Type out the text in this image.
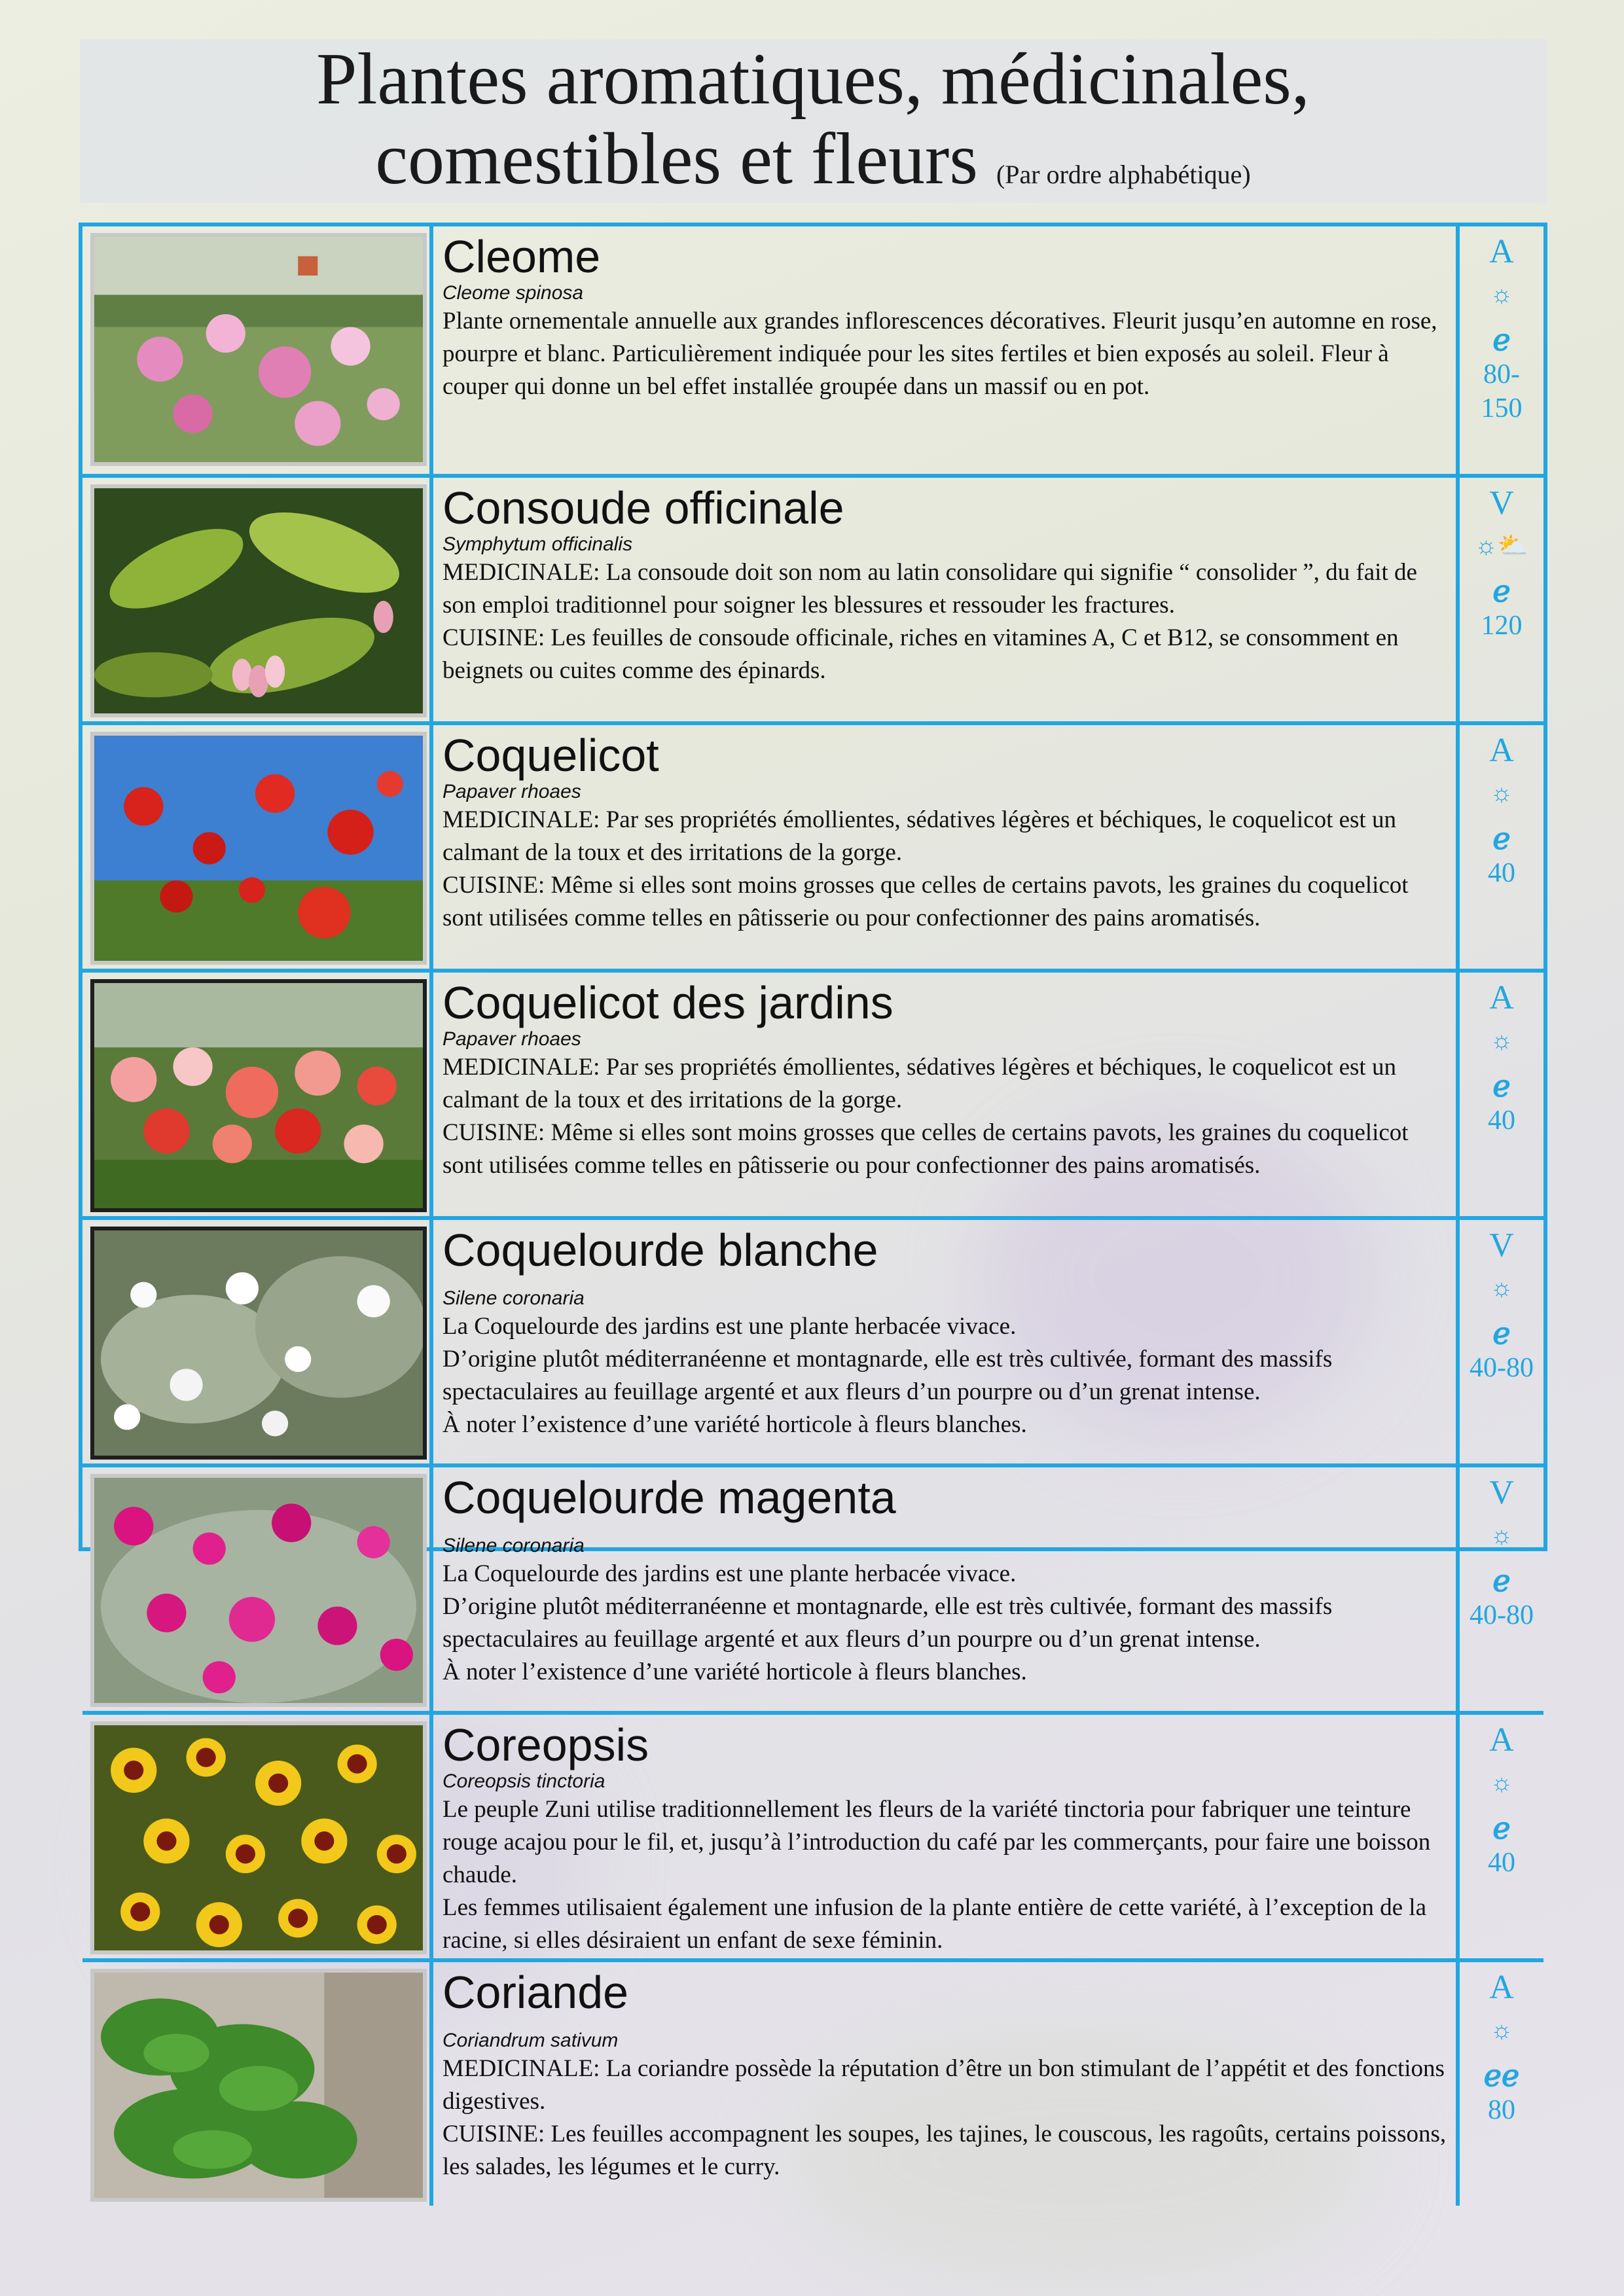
Plantes aromatiques, médicinales,
comestibles et fleurs (Par ordre alphabétique)
Cleome
Cleome spinosa

Plante ornementale annuelle aux grandes inflorescences décoratives. Fleurit jusqu’en automne en rose, pourpre et blanc. Particulièrement indiquée pour les sites fertiles et bien exposés au soleil. Fleur à couper qui donne un bel effet installée groupée dans un massif ou en pot.

A
☼
ℯ
80-
150
Consoude officinale
Symphytum officinalis

MEDICINALE: La consoude doit son nom au latin consolidare qui signifie “ consolider ”, du fait de son emploi traditionnel pour soigner les blessures et ressouder les fractures.

CUISINE: Les feuilles de consoude officinale, riches en vitamines A, C et B12, se consomment en beignets ou cuites comme des épinards.

V
☼⛅
ℯ
120
Coquelicot
Papaver rhoaes

MEDICINALE: Par ses propriétés émollientes, sédatives légères et béchiques, le coquelicot est un calmant de la toux et des irritations de la gorge.

CUISINE: Même si elles sont moins grosses que celles de certains pavots, les graines du coquelicot sont utilisées comme telles en pâtisserie ou pour confectionner des pains aromatisés.

A
☼
ℯ
40
Coquelicot des jardins
Papaver rhoaes

MEDICINALE: Par ses propriétés émollientes, sédatives légères et béchiques, le coquelicot est un calmant de la toux et des irritations de la gorge.

CUISINE: Même si elles sont moins grosses que celles de certains pavots, les graines du coquelicot sont utilisées comme telles en pâtisserie ou pour confectionner des pains aromatisés.

A
☼
ℯ
40
Coquelourde blanche
Silene coronaria

La Coquelourde des jardins est une plante herbacée vivace.

D’origine plutôt méditerranéenne et montagnarde, elle est très cultivée, formant des massifs spectaculaires au feuillage argenté et aux fleurs d’un pourpre ou d’un grenat intense.

À noter l’existence d’une variété horticole à fleurs blanches.

V
☼
ℯ
40-80
Coquelourde magenta
Silene coronaria

La Coquelourde des jardins est une plante herbacée vivace.

D’origine plutôt méditerranéenne et montagnarde, elle est très cultivée, formant des massifs spectaculaires au feuillage argenté et aux fleurs d’un pourpre ou d’un grenat intense.

À noter l’existence d’une variété horticole à fleurs blanches.

V
☼
ℯ
40-80
Coreopsis
Coreopsis tinctoria

Le peuple Zuni utilise traditionnellement les fleurs de la variété tinctoria pour fabriquer une teinture rouge acajou pour le fil, et, jusqu’à l’introduction du café par les commerçants, pour faire une boisson chaude.

Les femmes utilisaient également une infusion de la plante entière de cette variété, à l’exception de la racine, si elles désiraient un enfant de sexe féminin.

A
☼
ℯ
40
Coriande
Coriandrum sativum

MEDICINALE: La coriandre possède la réputation d’être un bon stimulant de l’appétit et des fonctions digestives.

CUISINE: Les feuilles accompagnent les soupes, les tajines, le couscous, les ragoûts, certains poissons, les salades, les légumes et le curry.

A
☼
ℯℯ
80
